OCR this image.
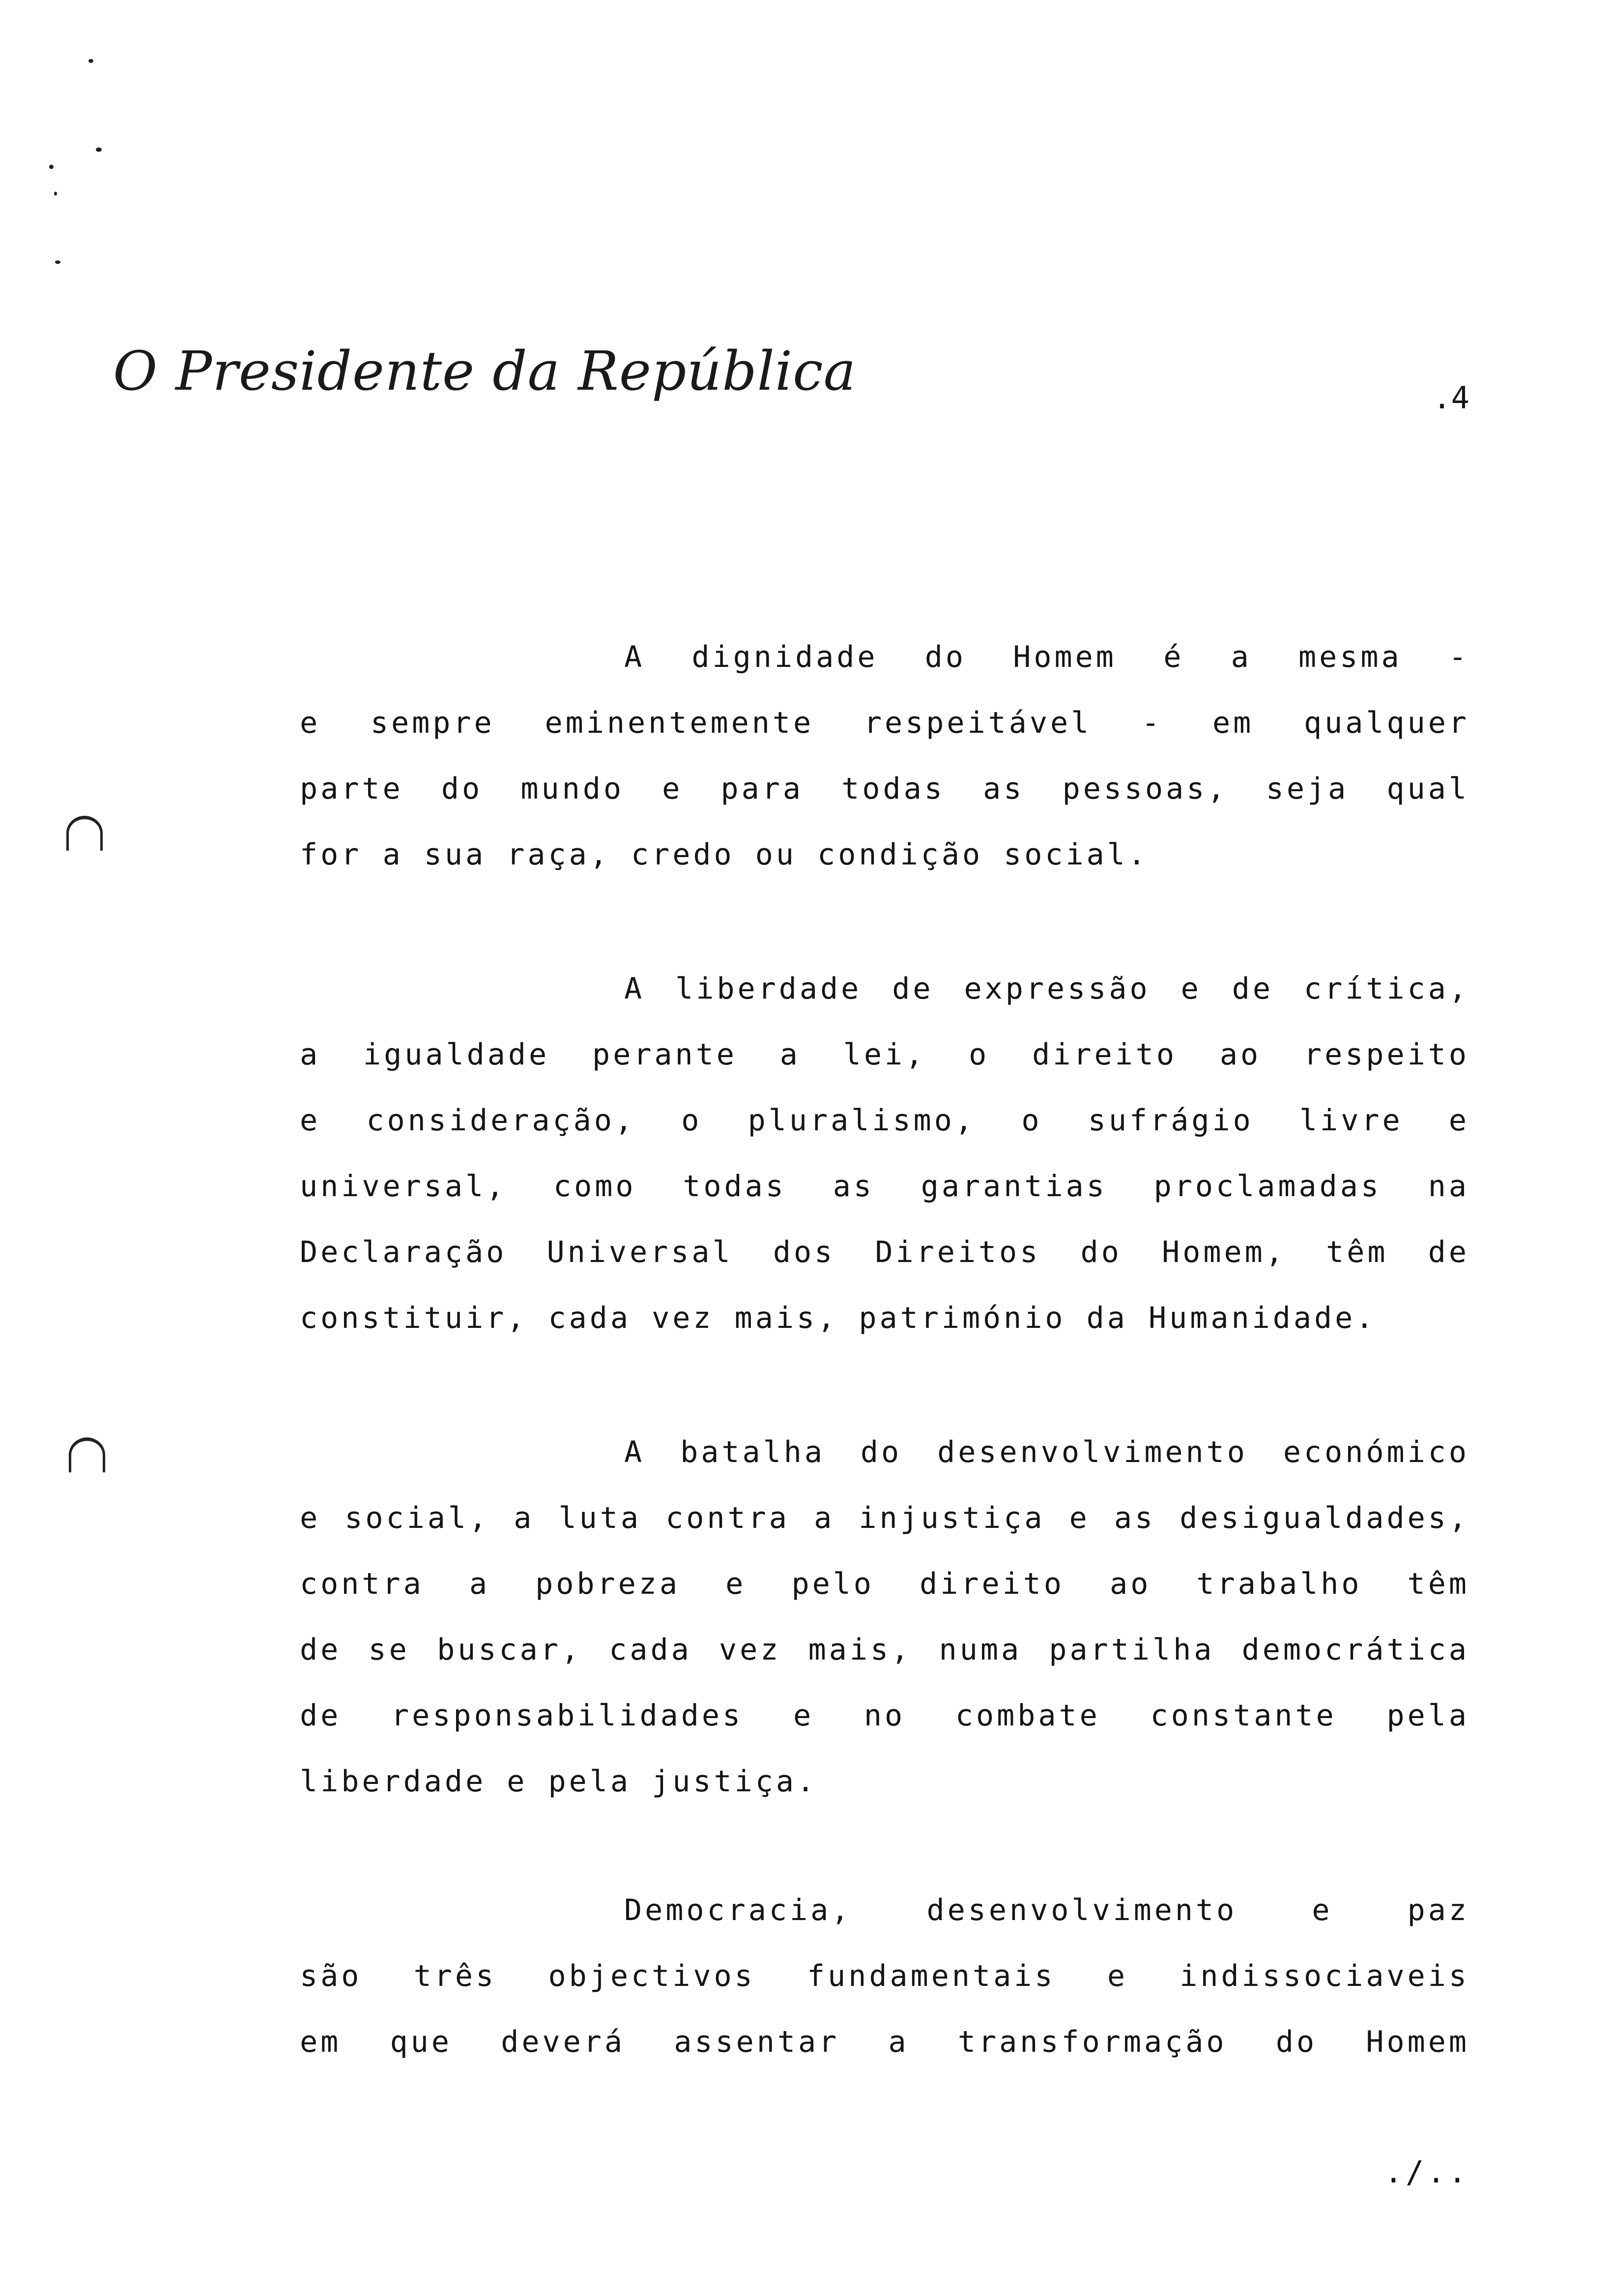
O Presidente da República	.4
A dignidade do Homem é a mesma -
e sempre eminentemente respeitável - em qualquer
parte do mundo e para todas as pessoas, seja qual
for a sua raça, credo ou condição social.
A liberdade de expressão e de crítica,
a igualdade perante a lei, o direito ao respeito
e consideração, o pluralismo, o sufrágio livre e
universal, como todas as garantias proclamadas na
Declaração Universal dos Direitos do Homem, têm de
constituir, cada vez mais, património da Humanidade.
A batalha do desenvolvimento económico
e social, a luta contra a injustiça e as desigualdades,
contra a pobreza e pelo direito ao trabalho têm
de se buscar, cada vez mais, numa partilha democrática
de responsabilidades e no combate constante pela
liberdade e pela justiça.
Democracia, desenvolvimento e paz
são três objectivos fundamentais e indissociaveis
em que deverá assentar a transformação do Homem
./..
